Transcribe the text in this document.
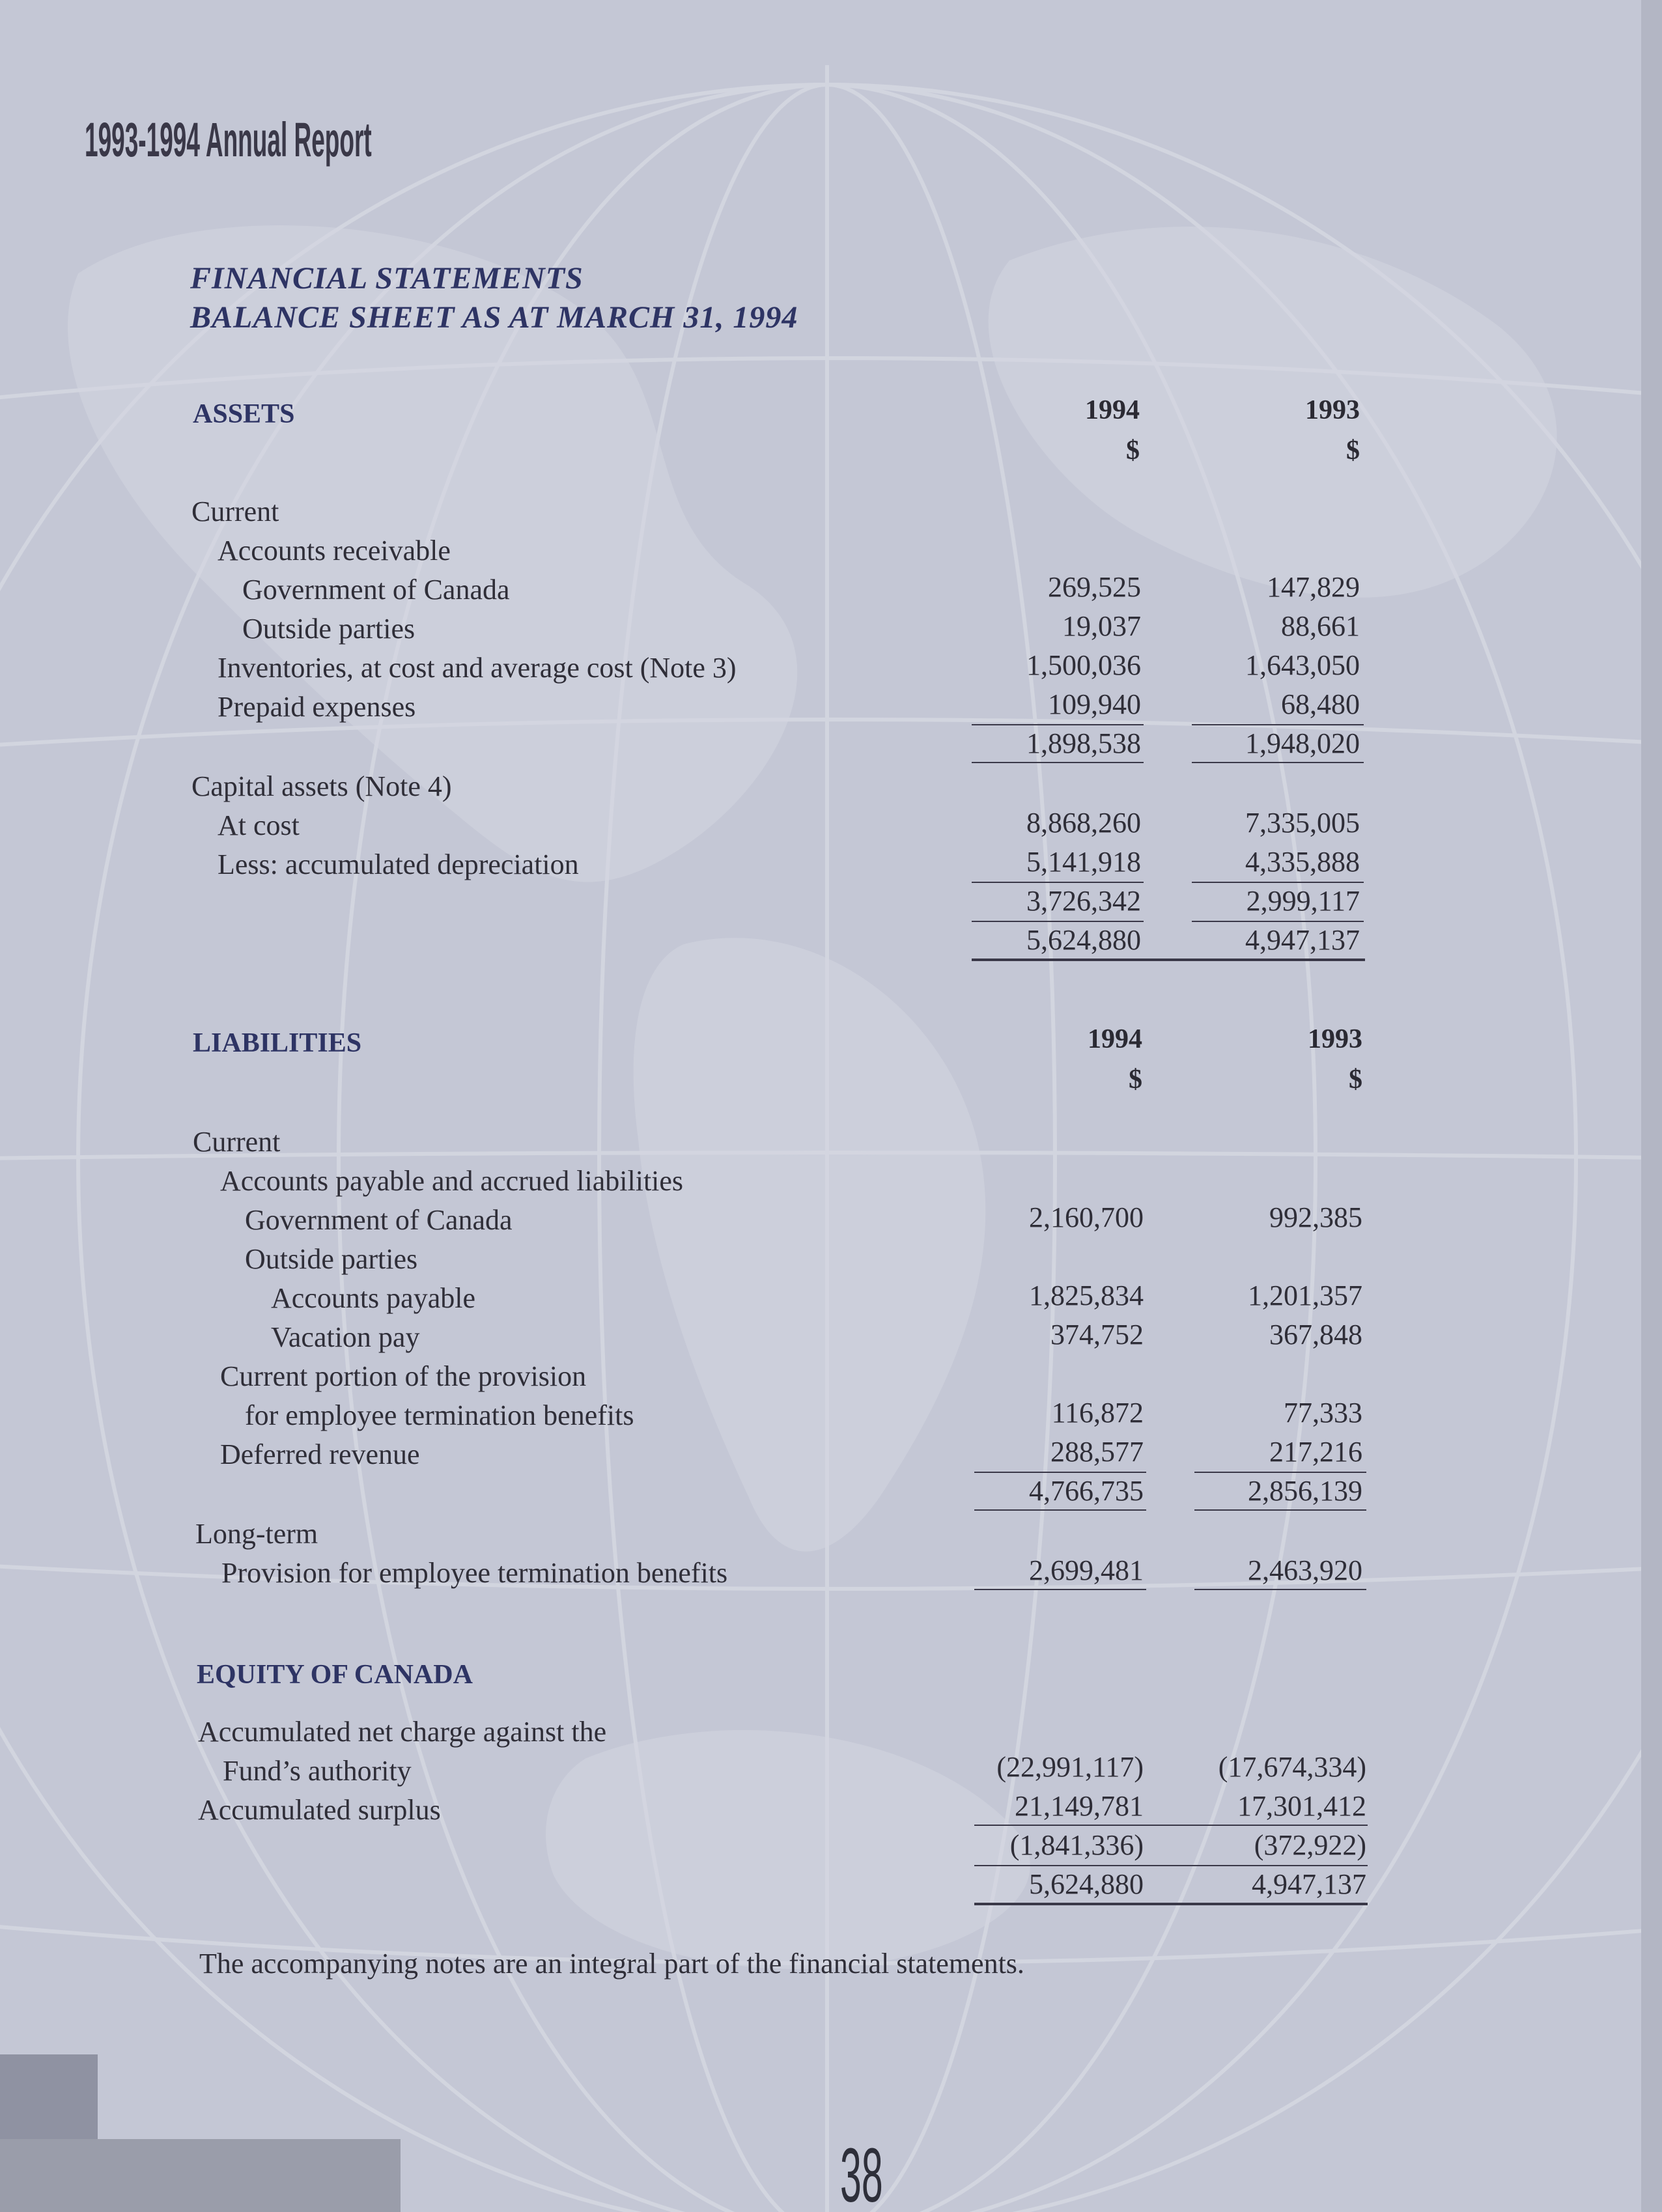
1993-1994 Annual Report
FINANCIAL STATEMENTS
BALANCE SHEET AS AT MARCH 31, 1994
ASSETS	1994	1993
$	$
Current
Accounts receivable
Government of Canada	269,525	147,829
Outside parties	19,037	88,661
Inventories, at cost and average cost (Note 3)	1,500,036	1,643,050
Prepaid expenses	109,940	68,480
1,898,538	1,948,020
Capital assets (Note 4)
At cost	8,868,260	7,335,005
Less: accumulated depreciation	5,141,918	4,335,888
3,726,342	2,999,117
5,624,880	4,947,137
LIABILITIES	1994	1993
$	$
Current
Accounts payable and accrued liabilities
Government of Canada	2,160,700	992,385
Outside parties
Accounts payable	1,825,834	1,201,357
Vacation pay	374,752	367,848
Current portion of the provision
for employee termination benefits	116,872	77,333
Deferred revenue	288,577	217,216
4,766,735	2,856,139
Long-term
Provision for employee termination benefits	2,699,481	2,463,920
EQUITY OF CANADA
Accumulated net charge against the
Fund’s authority	(22,991,117)	(17,674,334)
Accumulated surplus	21,149,781	17,301,412
(1,841,336)	(372,922)
5,624,880	4,947,137
The accompanying notes are an integral part of the financial statements.
38
